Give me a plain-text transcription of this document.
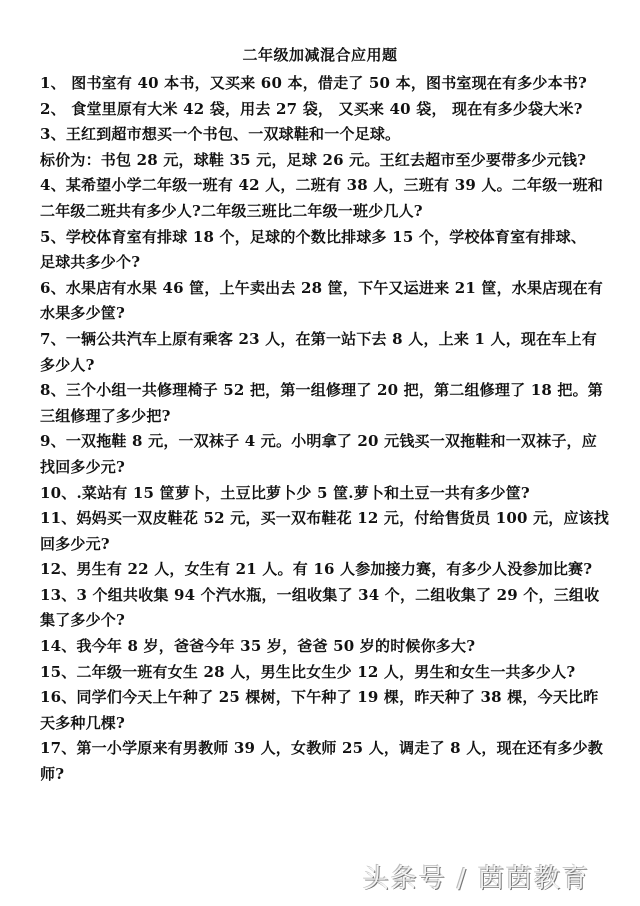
二年级加减混合应用题
1、 图书室有 40 本书，又买来 60 本，借走了 50 本，图书室现在有多少本书?
2、 食堂里原有大米 42 袋，用去 27 袋， 又买来 40 袋， 现在有多少袋大米?
3、王红到超市想买一个书包、一双球鞋和一个足球。
标价为：书包 28 元，球鞋 35 元，足球 26 元。王红去超市至少要带多少元钱?
4、某希望小学二年级一班有 42 人，二班有 38 人，三班有 39 人。二年级一班和
二年级二班共有多少人?二年级三班比二年级一班少几人?
5、学校体育室有排球 18 个，足球的个数比排球多 15 个，学校体育室有排球、
足球共多少个?
6、水果店有水果 46 筐，上午卖出去 28 筐，下午又运进来 21 筐，水果店现在有
水果多少筐?
7、一辆公共汽车上原有乘客 23 人，在第一站下去 8 人，上来 1 人，现在车上有
多少人?
8、三个小组一共修理椅子 52 把，第一组修理了 20 把，第二组修理了 18 把。第
三组修理了多少把?
9、一双拖鞋 8 元，一双袜子 4 元。小明拿了 20 元钱买一双拖鞋和一双袜子，应
找回多少元?
10、.菜站有 15 筐萝卜，土豆比萝卜少 5 筐.萝卜和土豆一共有多少筐?
11、妈妈买一双皮鞋花 52 元，买一双布鞋花 12 元，付给售货员 100 元，应该找
回多少元?
12、男生有 22 人，女生有 21 人。有 16 人参加接力赛，有多少人没参加比赛?
13、3 个组共收集 94 个汽水瓶，一组收集了 34 个，二组收集了 29 个，三组收
集了多少个?
14、我今年 8 岁，爸爸今年 35 岁，爸爸 50 岁的时候你多大?
15、二年级一班有女生 28 人，男生比女生少 12 人，男生和女生一共多少人?
16、同学们今天上午种了 25 棵树，下午种了 19 棵，昨天种了 38 棵，今天比昨
天多种几棵?
17、第一小学原来有男教师 39 人，女教师 25 人，调走了 8 人，现在还有多少教
师?
头条号 / 茵茵教育
